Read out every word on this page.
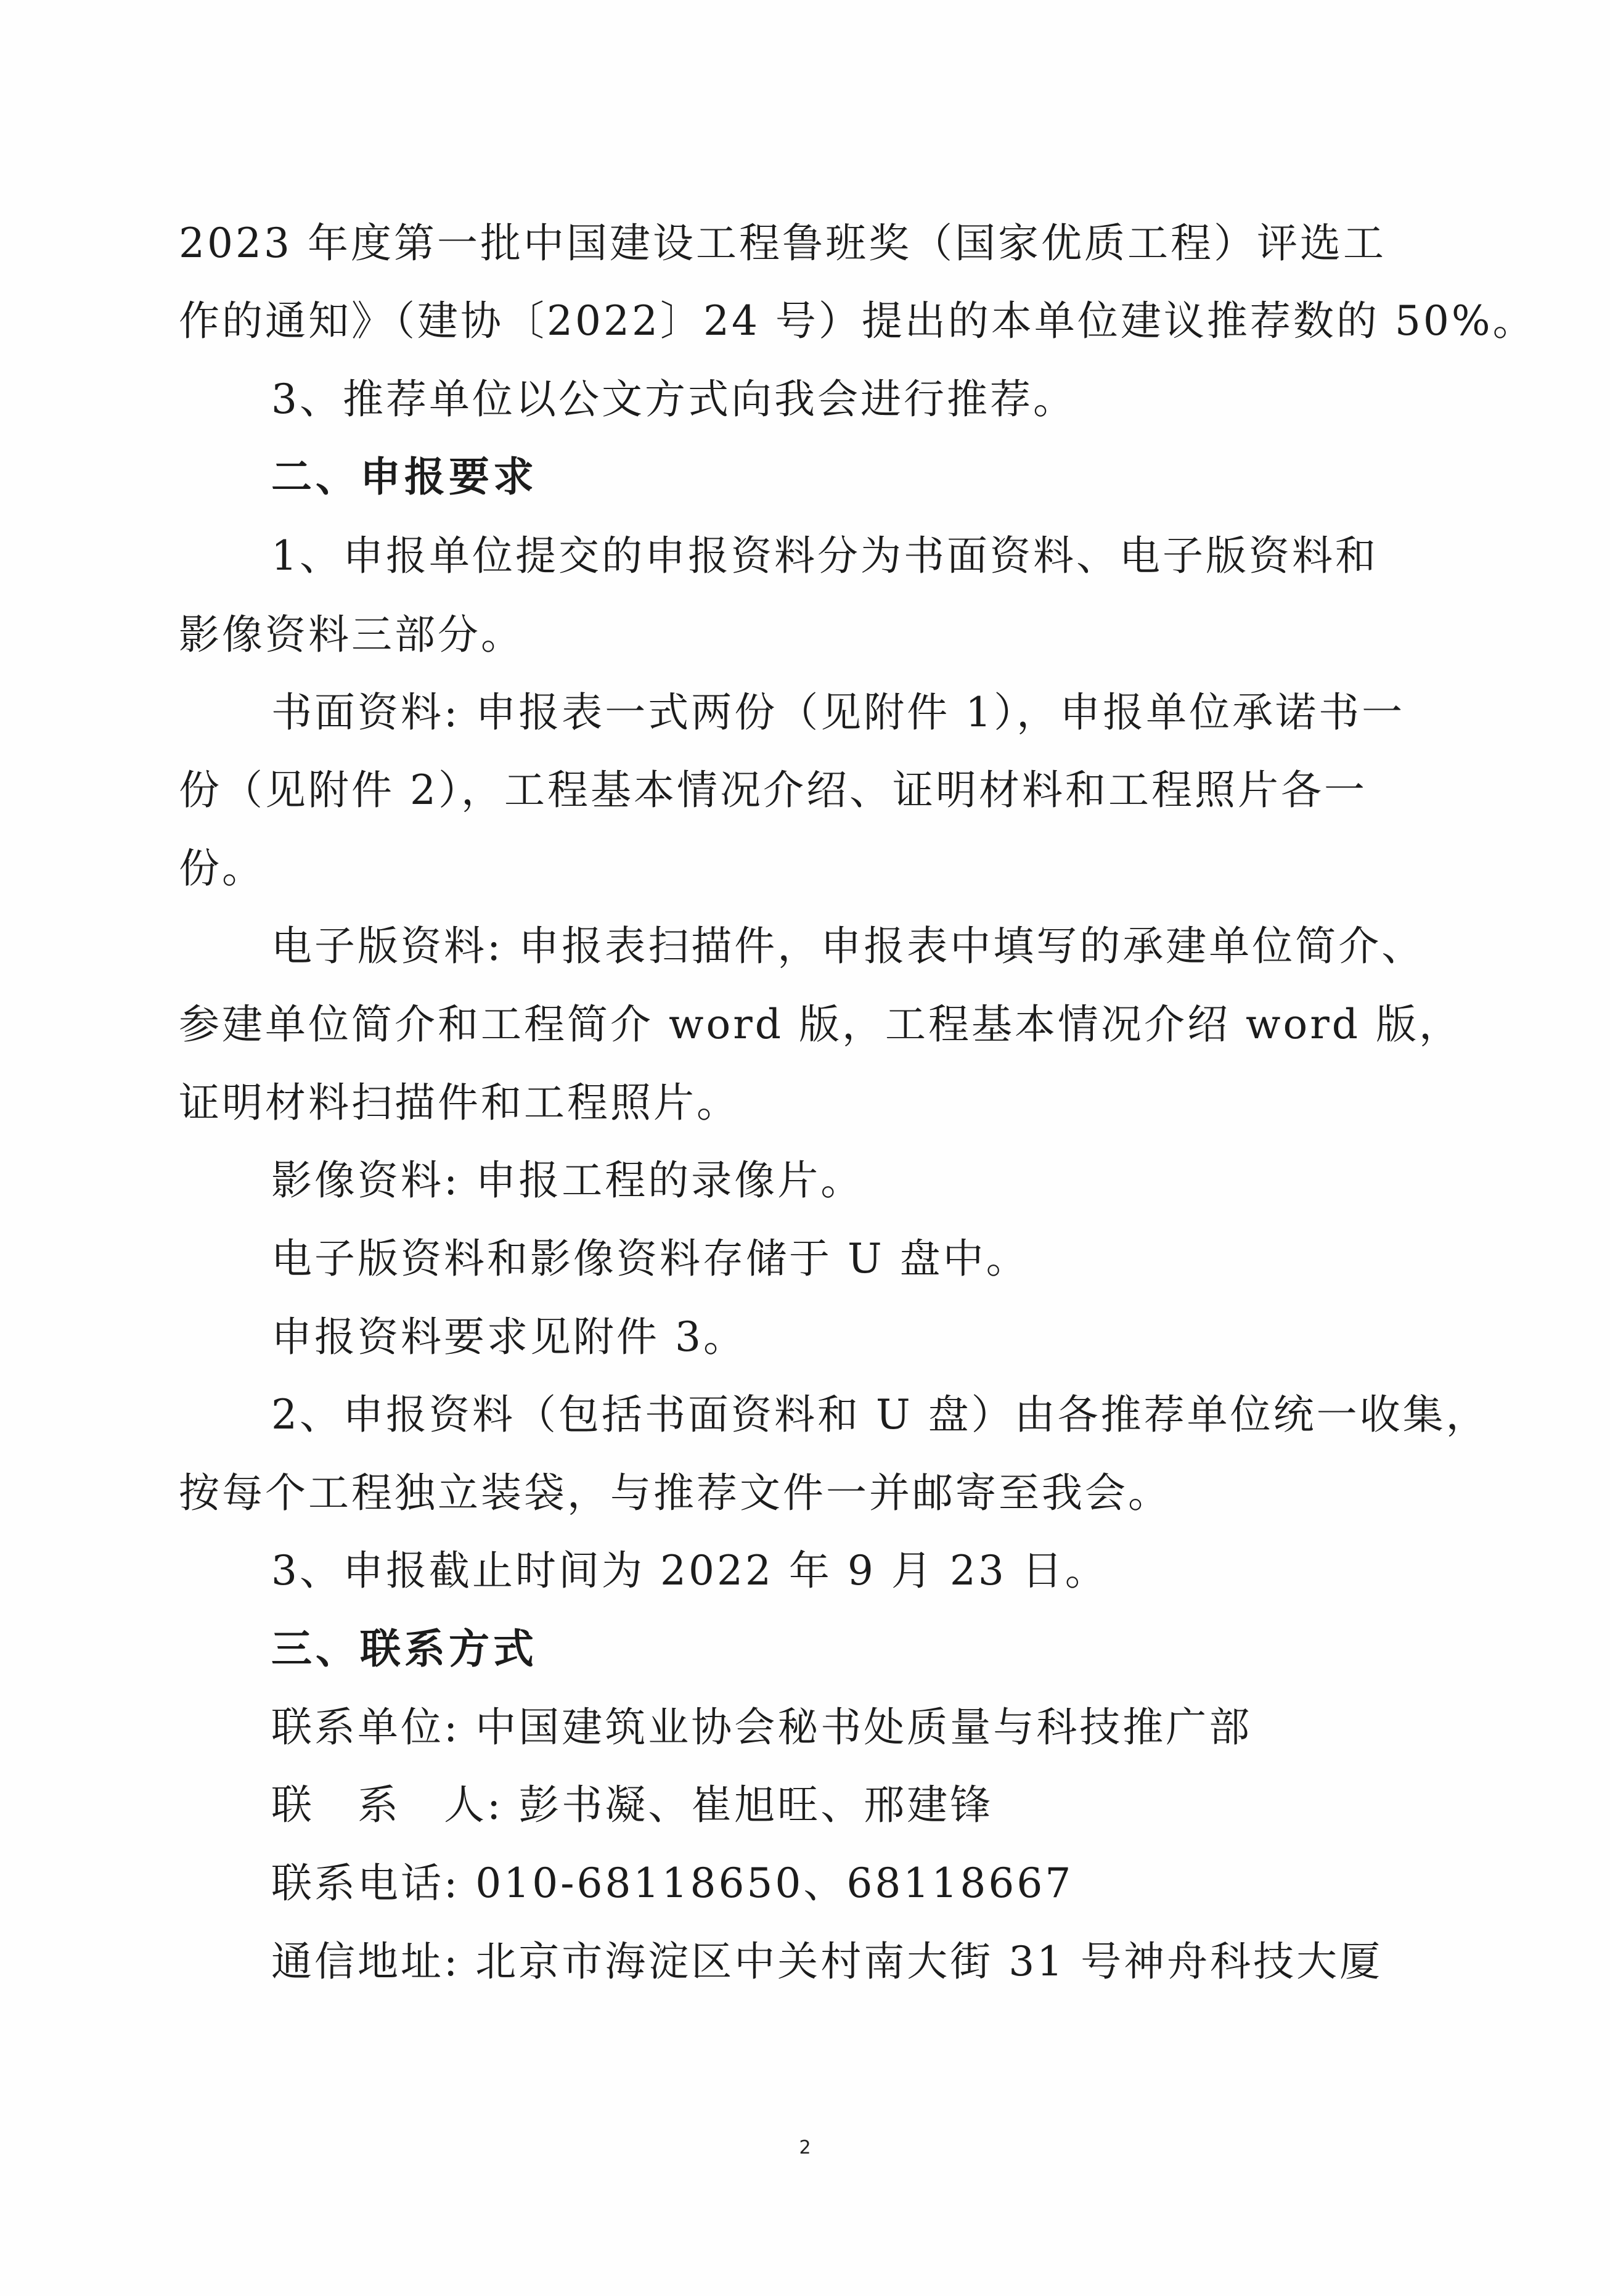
2023 年度第一批中国建设工程鲁班奖（国家优质工程）评选工
作的通知》（建协〔2022〕24 号）提出的本单位建议推荐数的 50%。
3、推荐单位以公文方式向我会进行推荐。
二、申报要求
1、申报单位提交的申报资料分为书面资料、电子版资料和
影像资料三部分。
书面资料: 申报表一式两份（见附件 1），申报单位承诺书一
份（见附件 2），工程基本情况介绍、证明材料和工程照片各一
份。
电子版资料: 申报表扫描件，申报表中填写的承建单位简介、
参建单位简介和工程简介 word 版，工程基本情况介绍 word 版，
证明材料扫描件和工程照片。
影像资料: 申报工程的录像片。
电子版资料和影像资料存储于 U 盘中。
申报资料要求见附件 3。
2、申报资料（包括书面资料和 U 盘）由各推荐单位统一收集，
按每个工程独立装袋，与推荐文件一并邮寄至我会。
3、申报截止时间为 2022 年 9 月 23 日。
三、联系方式
联系单位: 中国建筑业协会秘书处质量与科技推广部
联　系　人: 彭书凝、崔旭旺、邢建锋
联系电话: 010-68118650、68118667
通信地址: 北京市海淀区中关村南大街 31 号神舟科技大厦
2
